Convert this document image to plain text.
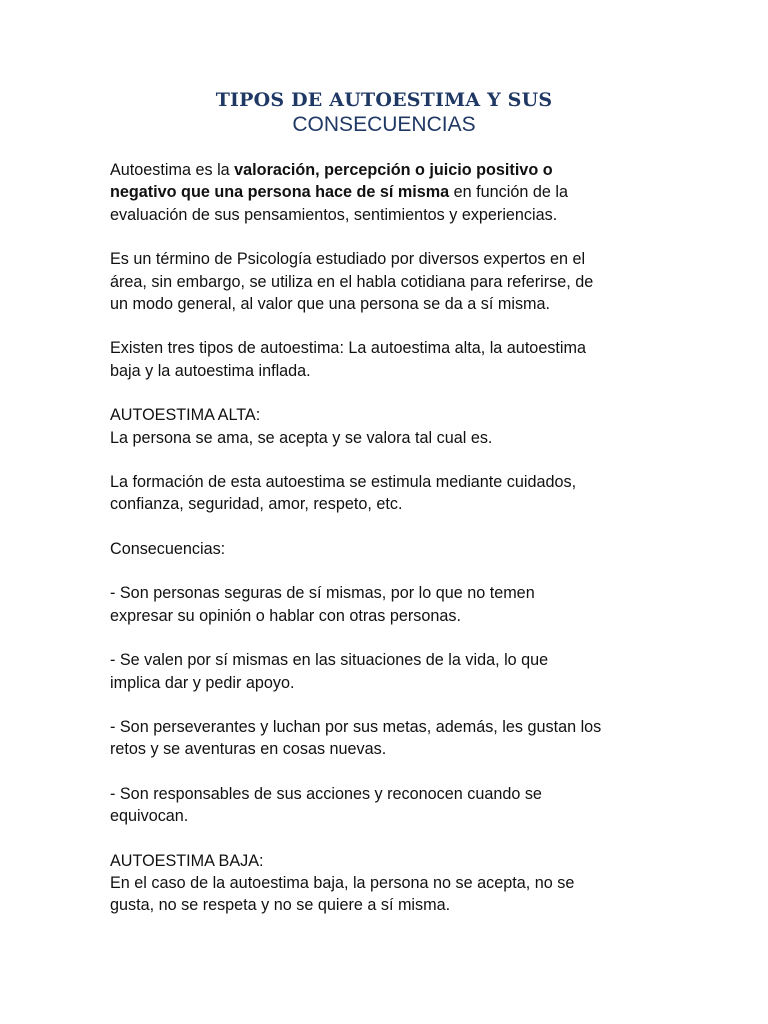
TIPOS DE AUTOESTIMA Y SUS
CONSECUENCIAS

Autoestima es la valoración, percepción o juicio positivo o
negativo que una persona hace de sí misma en función de la
evaluación de sus pensamientos, sentimientos y experiencias.

Es un término de Psicología estudiado por diversos expertos en el
área, sin embargo, se utiliza en el habla cotidiana para referirse, de
un modo general, al valor que una persona se da a sí misma.

Existen tres tipos de autoestima: La autoestima alta, la autoestima
baja y la autoestima inflada.

AUTOESTIMA ALTA:
La persona se ama, se acepta y se valora tal cual es.

La formación de esta autoestima se estimula mediante cuidados,
confianza, seguridad, amor, respeto, etc.

Consecuencias:

- Son personas seguras de sí mismas, por lo que no temen
expresar su opinión o hablar con otras personas.

- Se valen por sí mismas en las situaciones de la vida, lo que
implica dar y pedir apoyo.

- Son perseverantes y luchan por sus metas, además, les gustan los
retos y se aventuras en cosas nuevas.

- Son responsables de sus acciones y reconocen cuando se
equivocan.

AUTOESTIMA BAJA:
En el caso de la autoestima baja, la persona no se acepta, no se
gusta, no se respeta y no se quiere a sí misma.
